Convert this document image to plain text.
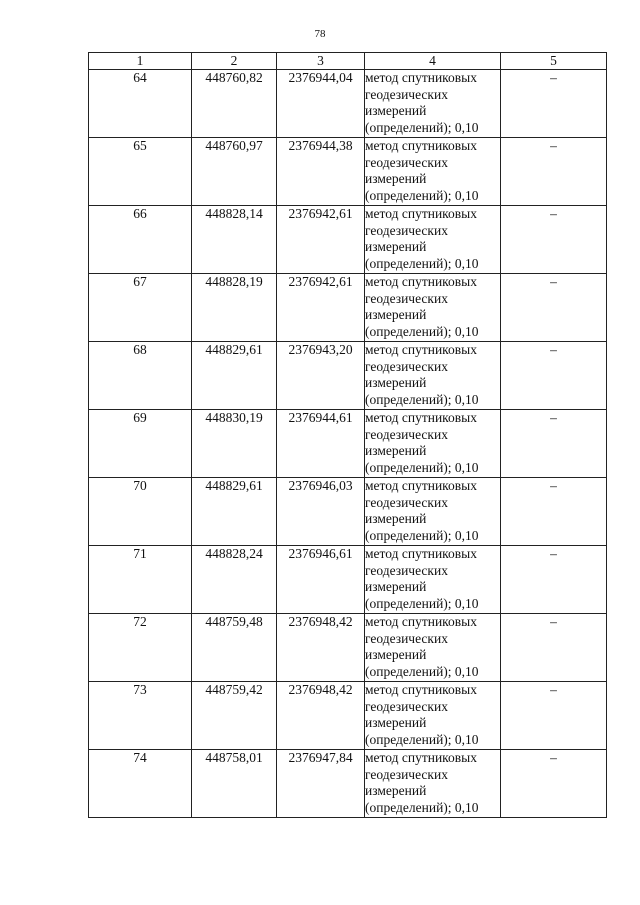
78
1	2	3	4	5
64	448760,82	2376944,04	метод спутниковых
геодезических
измерений
(определений); 0,10	–
65	448760,97	2376944,38	метод спутниковых
геодезических
измерений
(определений); 0,10	–
66	448828,14	2376942,61	метод спутниковых
геодезических
измерений
(определений); 0,10	–
67	448828,19	2376942,61	метод спутниковых
геодезических
измерений
(определений); 0,10	–
68	448829,61	2376943,20	метод спутниковых
геодезических
измерений
(определений); 0,10	–
69	448830,19	2376944,61	метод спутниковых
геодезических
измерений
(определений); 0,10	–
70	448829,61	2376946,03	метод спутниковых
геодезических
измерений
(определений); 0,10	–
71	448828,24	2376946,61	метод спутниковых
геодезических
измерений
(определений); 0,10	–
72	448759,48	2376948,42	метод спутниковых
геодезических
измерений
(определений); 0,10	–
73	448759,42	2376948,42	метод спутниковых
геодезических
измерений
(определений); 0,10	–
74	448758,01	2376947,84	метод спутниковых
геодезических
измерений
(определений); 0,10	–
